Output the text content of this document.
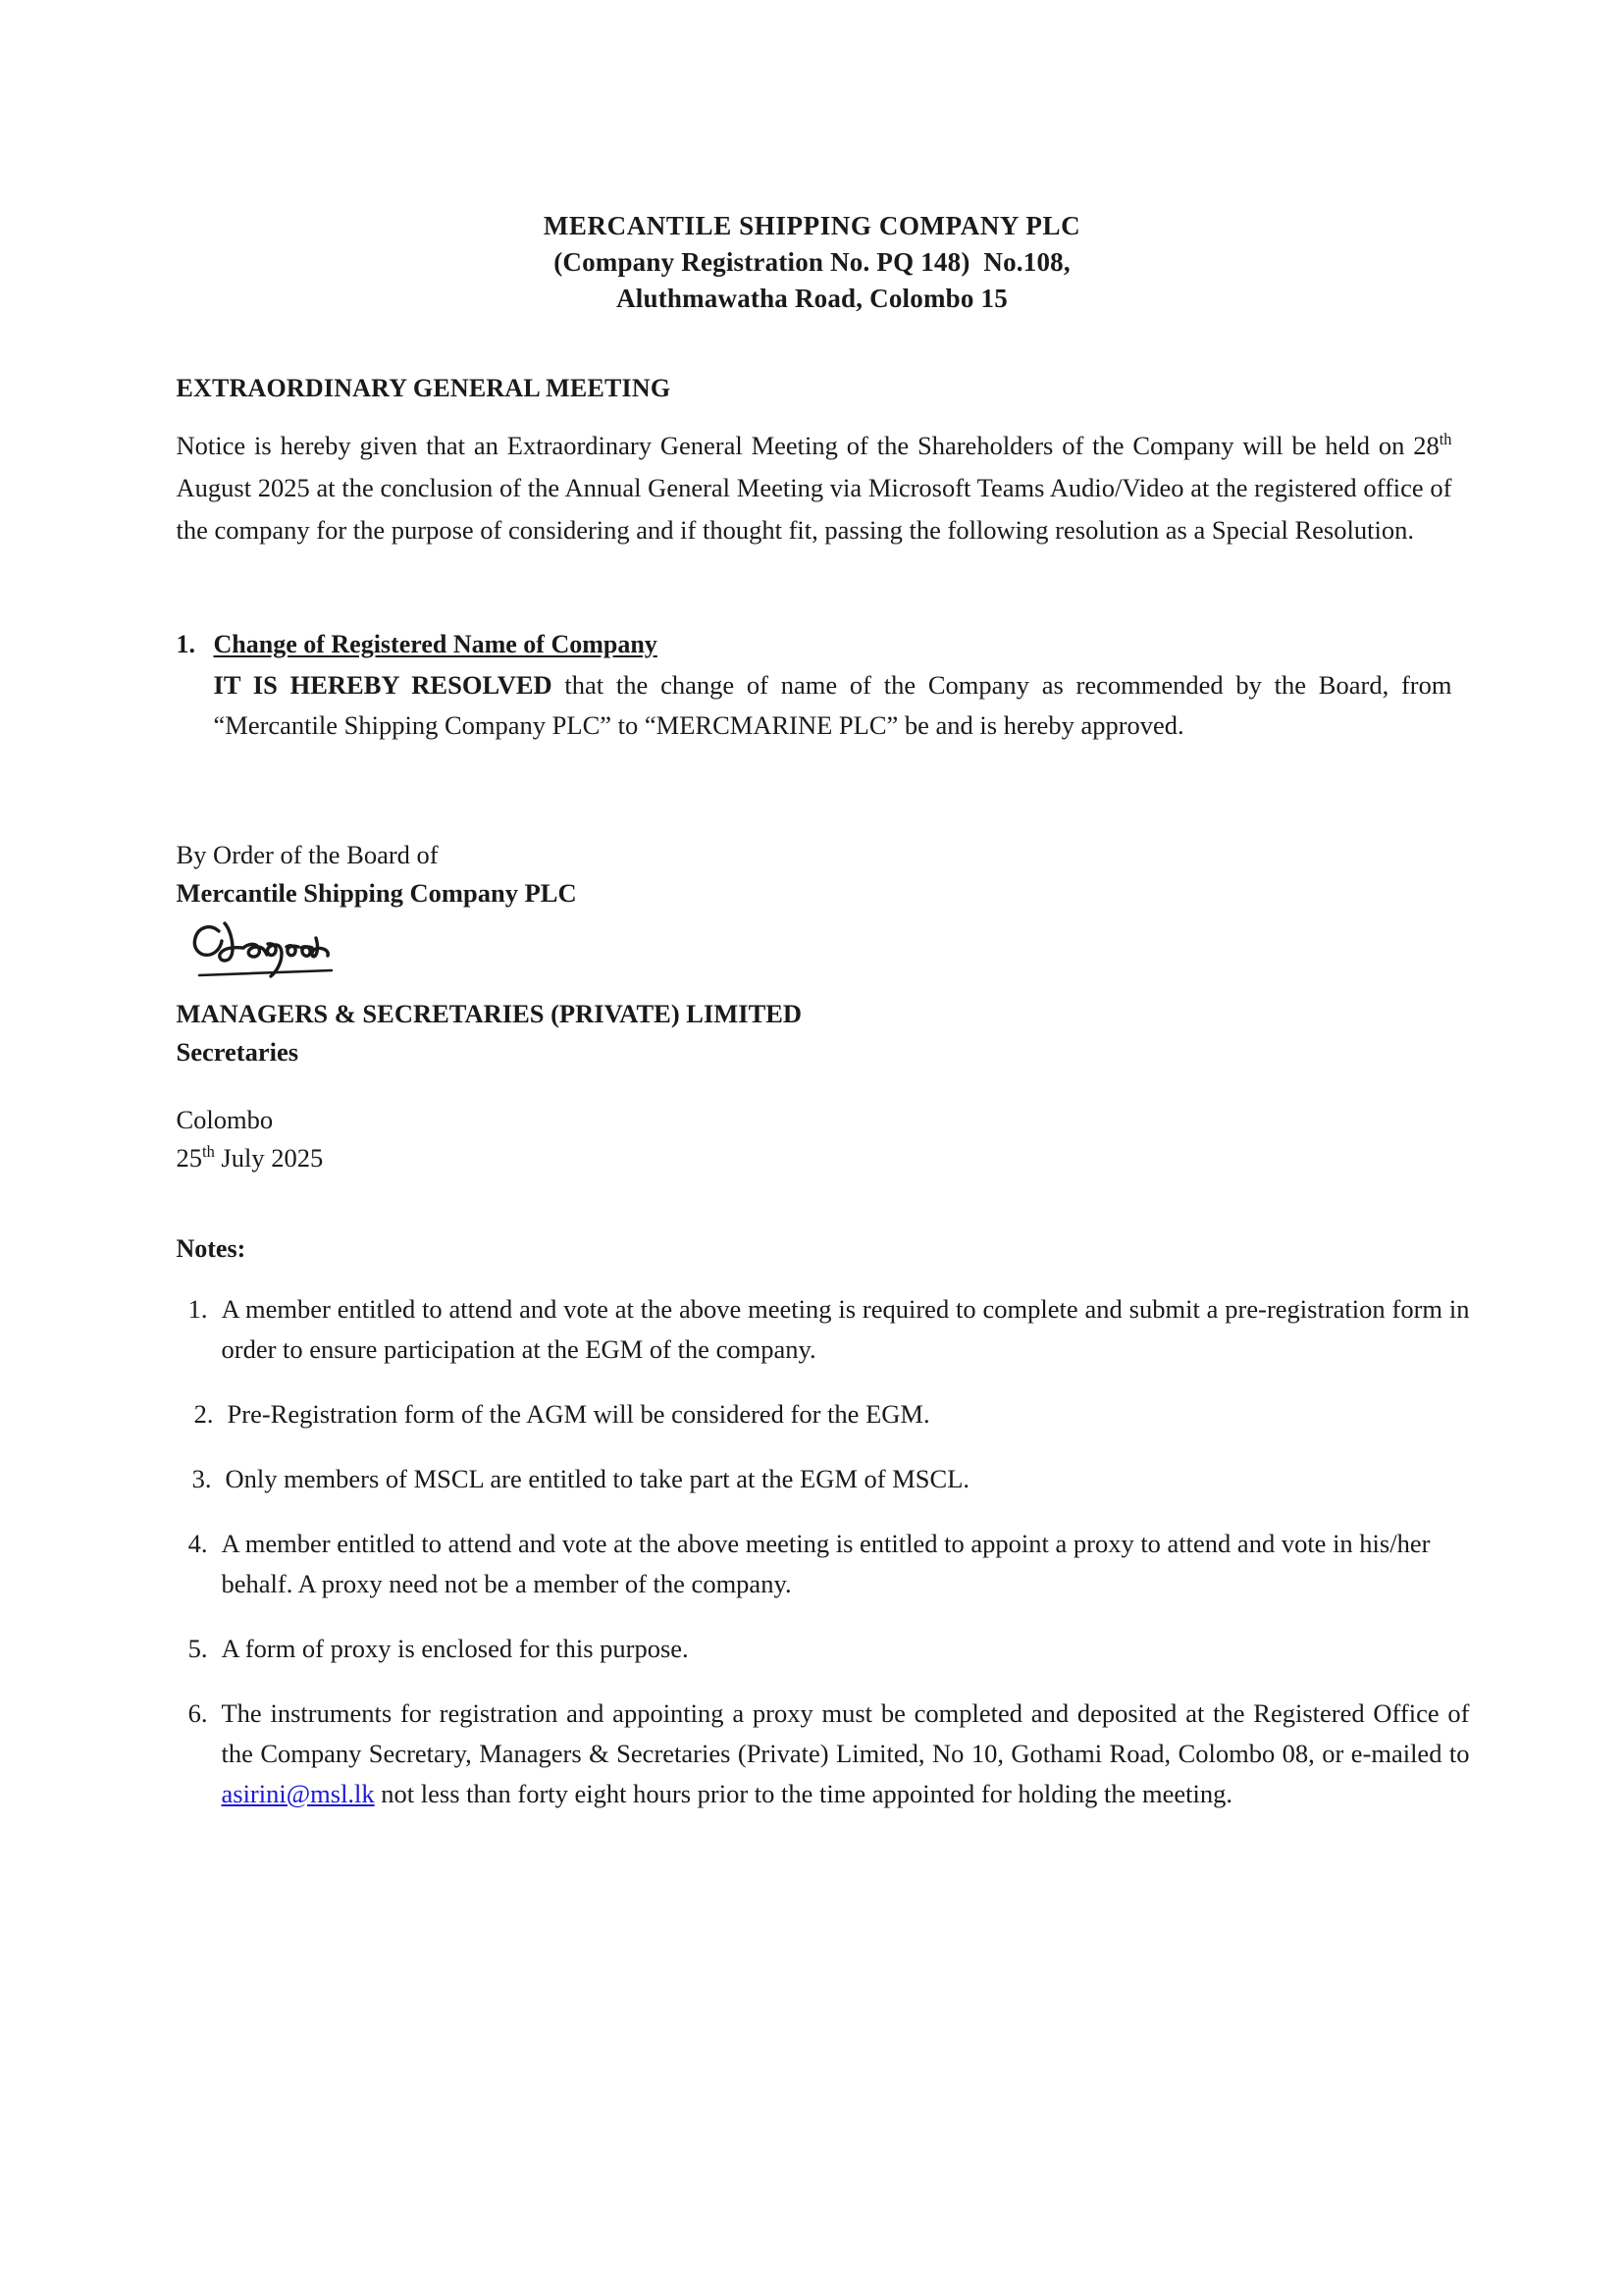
MERCANTILE SHIPPING COMPANY PLC
(Company Registration No. PQ 148)  No.108,
Aluthmawatha Road, Colombo 15
EXTRAORDINARY GENERAL MEETING

Notice is hereby given that an Extraordinary General Meeting of the Shareholders of the Company will be held on 28th August 2025 at the conclusion of the Annual General Meeting via Microsoft Teams Audio/Video at the registered office of the company for the purpose of considering and if thought fit, passing the following resolution as a Special Resolution.

1. Change of Registered Name of Company
IT IS HEREBY RESOLVED that the change of name of the Company as recommended by the Board, from “Mercantile Shipping Company PLC” to “MERCMARINE PLC” be and is hereby approved.
By Order of the Board of
Mercantile Shipping Company PLC
MANAGERS & SECRETARIES (PRIVATE) LIMITED
Secretaries
Colombo
25th July 2025
Notes:
1. A member entitled to attend and vote at the above meeting is required to complete and submit a pre-registration form in order to ensure participation at the EGM of the company.
2. Pre-Registration form of the AGM will be considered for the EGM.
3. Only members of MSCL are entitled to take part at the EGM of MSCL.
4. A member entitled to attend and vote at the above meeting is entitled to appoint a proxy to attend and vote in his/her behalf. A proxy need not be a member of the company.
5. A form of proxy is enclosed for this purpose.
6. The instruments for registration and appointing a proxy must be completed and deposited at the Registered Office of the Company Secretary, Managers & Secretaries (Private) Limited, No 10, Gothami Road, Colombo 08, or e-mailed to asirini@msl.lk not less than forty eight hours prior to the time appointed for holding the meeting.
